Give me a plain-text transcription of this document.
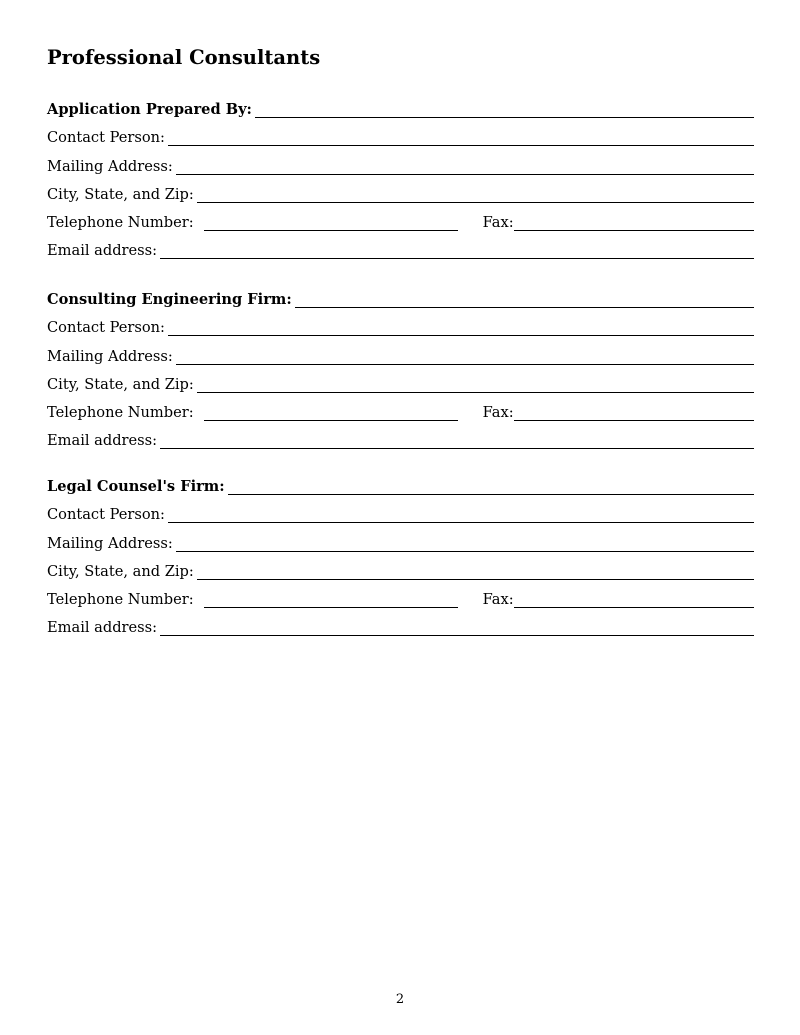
Professional Consultants
Application Prepared By:
Contact Person:
Mailing Address:
City, State, and Zip:
Telephone Number:	Fax:
Email address:
Consulting Engineering Firm:
Contact Person:
Mailing Address:
City, State, and Zip:
Telephone Number:	Fax:
Email address:
Legal Counsel's Firm:
Contact Person:
Mailing Address:
City, State, and Zip:
Telephone Number:	Fax:
Email address:
2
